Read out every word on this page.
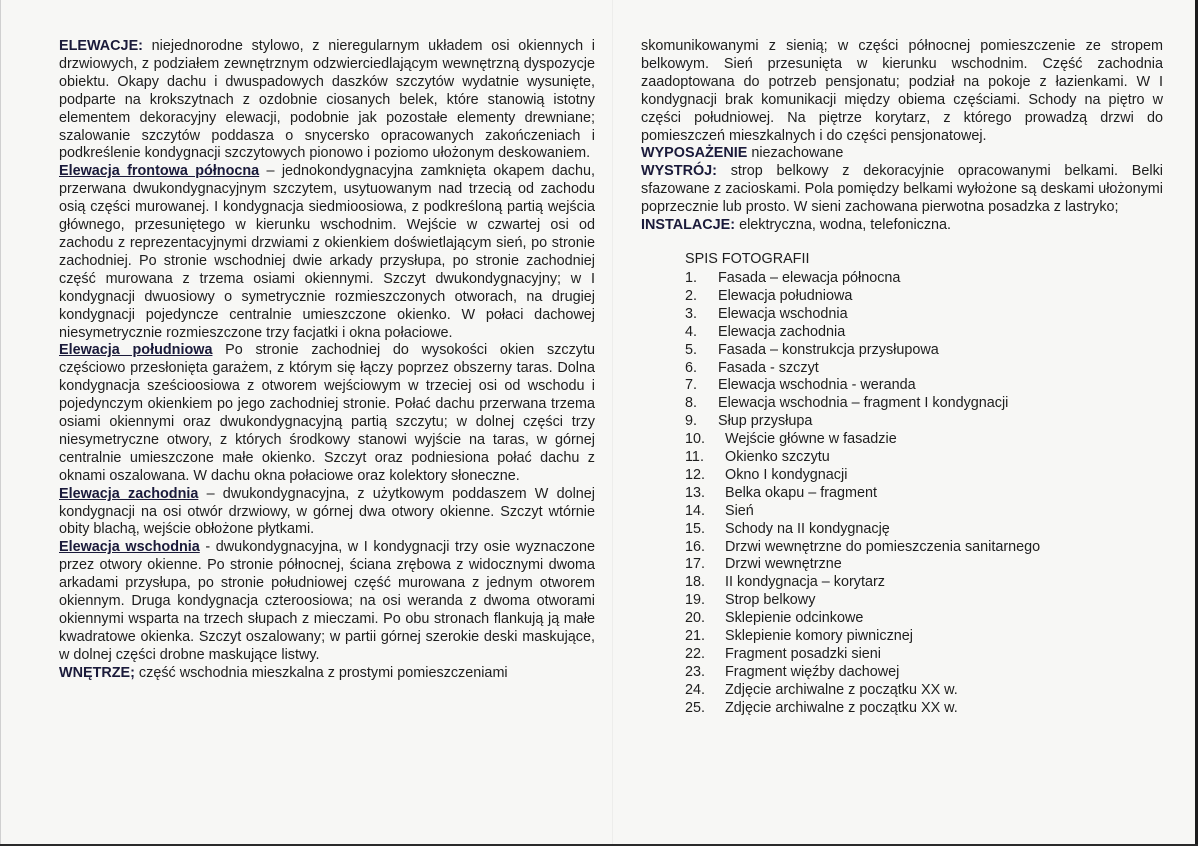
ELEWACJE: niejednorodne stylowo, z nieregularnym układem osi okiennych i drzwiowych, z podziałem zewnętrznym odzwierciedlającym wewnętrzną dyspozycje obiektu. Okapy dachu i dwuspadowych daszków szczytów wydatnie wysunięte, podparte na krokszytnach z ozdobnie ciosanych belek, które stanowią istotny elementem dekoracyjny elewacji, podobnie jak pozostałe elementy drewniane; szalowanie szczytów poddasza o snycersko opracowanych zakończeniach i podkreślenie kondygnacji szczytowych pionowo i poziomo ułożonym deskowaniem.

Elewacja frontowa północna – jednokondygnacyjna zamknięta okapem dachu, przerwana dwukondygnacyjnym szczytem, usytuowanym nad trzecią od zachodu osią części murowanej. I kondygnacja siedmioosiowa, z podkreśloną partią wejścia głównego, przesuniętego w kierunku wschodnim. Wejście w czwartej osi od zachodu z reprezentacyjnymi drzwiami z okienkiem doświetlającym sień, po stronie zachodniej. Po stronie wschodniej dwie arkady przysłupa, po stronie zachodniej część murowana z trzema osiami okiennymi. Szczyt dwukondygnacyjny; w I kondygnacji dwuosiowy o symetrycznie rozmieszczonych otworach, na drugiej kondygnacji pojedyncze centralnie umieszczone okienko. W połaci dachowej niesymetrycznie rozmieszczone trzy facjatki i okna połaciowe.

Elewacja południowa Po stronie zachodniej do wysokości okien szczytu częściowo przesłonięta garażem, z którym się łączy poprzez obszerny taras. Dolna kondygnacja sześcioosiowa z otworem wejściowym w trzeciej osi od wschodu i pojedynczym okienkiem po jego zachodniej stronie. Połać dachu przerwana trzema osiami okiennymi oraz dwukondygnacyjną partią szczytu; w dolnej części trzy niesymetryczne otwory, z których środkowy stanowi wyjście na taras, w górnej centralnie umieszczone małe okienko. Szczyt oraz podniesiona połać dachu z oknami oszalowana. W dachu okna połaciowe oraz kolektory słoneczne.

Elewacja zachodnia – dwukondygnacyjna, z użytkowym poddaszem W dolnej kondygnacji na osi otwór drzwiowy, w górnej dwa otwory okienne. Szczyt wtórnie obity blachą, wejście obłożone płytkami.

Elewacja wschodnia - dwukondygnacyjna, w I kondygnacji trzy osie wyznaczone przez otwory okienne. Po stronie północnej, ściana zrębowa z widocznymi dwoma arkadami przysłupa, po stronie południowej część murowana z jednym otworem okiennym. Druga kondygnacja czteroosiowa; na osi weranda z dwoma otworami okiennymi wsparta na trzech słupach z mieczami. Po obu stronach flankują ją małe kwadratowe okienka. Szczyt oszalowany; w partii górnej szerokie deski maskujące, w dolnej części drobne maskujące listwy.

WNĘTRZE; część wschodnia mieszkalna z prostymi pomieszczeniami

skomunikowanymi z sienią; w części północnej pomieszczenie ze stropem belkowym. Sień przesunięta w kierunku wschodnim. Część zachodnia zaadoptowana do potrzeb pensjonatu; podział na pokoje z łazienkami. W I kondygnacji brak komunikacji między obiema częściami. Schody na piętro w części południowej. Na piętrze korytarz, z którego prowadzą drzwi do pomieszczeń mieszkalnych i do części pensjonatowej.

WYPOSAŻENIE niezachowane

WYSTRÓJ: strop belkowy z dekoracyjnie opracowanymi belkami. Belki sfazowane z zacioskami. Pola pomiędzy belkami wyłożone są deskami ułożonymi poprzecznie lub prosto. W sieni zachowana pierwotna posadzka z lastryko;

INSTALACJE: elektryczna, wodna, telefoniczna.

SPIS FOTOGRAFII

1.	Fasada – elewacja północna
2.	Elewacja południowa
3.	Elewacja wschodnia
4.	Elewacja zachodnia
5.	Fasada – konstrukcja przysłupowa
6.	Fasada - szczyt
7.	Elewacja wschodnia - weranda
8.	Elewacja wschodnia – fragment I kondygnacji
9.	Słup przysłupa
10.	Wejście główne w fasadzie
11.	Okienko szczytu
12.	Okno I kondygnacji
13.	Belka okapu – fragment
14.	Sień
15.	Schody na II kondygnację
16.	Drzwi wewnętrzne do pomieszczenia sanitarnego
17.	Drzwi wewnętrzne
18.	II kondygnacja – korytarz
19.	Strop belkowy
20.	Sklepienie odcinkowe
21.	Sklepienie komory piwnicznej
22.	Fragment posadzki sieni
23.	Fragment więźby dachowej
24.	Zdjęcie archiwalne z początku XX w.
25.	Zdjęcie archiwalne z początku XX w.
